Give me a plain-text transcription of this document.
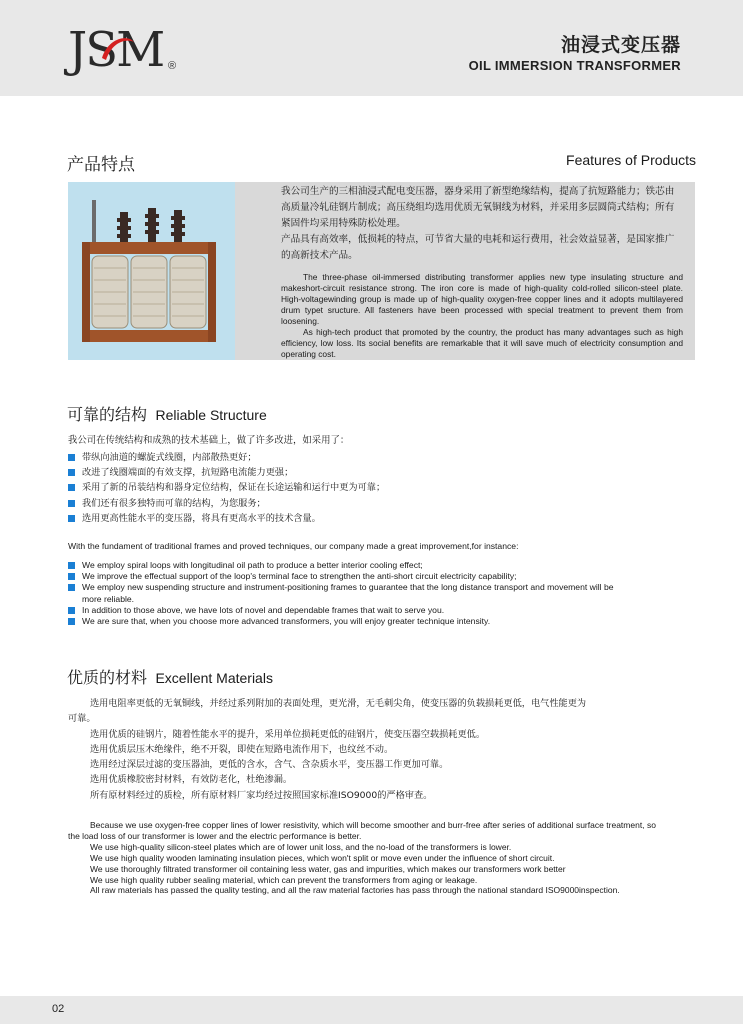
JSM ®
油浸式变压器
OIL IMMERSION TRANSFORMER
产品特点	Features of Products

我公司生产的三相油浸式配电变压器，器身采用了新型绝缘结构，提高了抗短路能力；铁芯由高质量冷轧硅钢片制成；高压绕组均选用优质无氧铜线为材料，并采用多层圆筒式结构；所有紧固件均采用特殊防松处理。

产品具有高效率，低损耗的特点，可节省大量的电耗和运行费用，社会效益显著，是国家推广的高新技术产品。

The three-phase oil-immersed distributing transformer applies new type insulating structure and makeshort-circuit resistance strong. The iron core is made of high-quality cold-rolled silicon-steel plate. High-voltagewinding group is made up of high-quality oxygen-free copper lines and it adopts multilayered drum typet sructure. All fasteners have been processed with special treatment to prevent them from loosening.

As high-tech product that promoted by the country, the product has many advantages such as high efficiency, low loss. Its social benefits are remarkable that it will save much of electricity consumption and operating cost.

可靠的结构 Reliable Structure
我公司在传统结构和成熟的技术基础上，做了许多改进，如采用了：
带纵向油道的螺旋式线圈，内部散热更好；
改进了线圈端面的有效支撑，抗短路电流能力更强；
采用了新的吊装结构和器身定位结构，保证在长途运输和运行中更为可靠；
我们还有很多独特而可靠的结构，为您服务；
选用更高性能水平的变压器，将具有更高水平的技术含量。
With the fundament of traditional frames and proved techniques, our company made a great improvement,for instance:
We employ spiral loops with longitudinal oil path to produce a better interior cooling effect;
We improve the effectual support of the loop's terminal face to strengthen the anti-short circuit electricity capability;
We employ new suspending structure and instrument-positioning frames to guarantee that the long distance transport and movement will be more reliable.
In addition to those above, we have lots of novel and dependable frames that wait to serve you.
We are sure that, when you choose more advanced transformers, you will enjoy greater technique intensity.
优质的材料 Excellent Materials

选用电阻率更低的无氧铜线，并经过系列附加的表面处理，更光滑，无毛刺尖角，使变压器的负载损耗更低，电气性能更为

可靠。

选用优质的硅钢片，随着性能水平的提升，采用单位损耗更低的硅钢片，使变压器空载损耗更低。

选用优质层压木绝缘件，绝不开裂，即使在短路电流作用下，也纹丝不动。

选用经过深层过滤的变压器油，更低的含水，含气、含杂质水平，变压器工作更加可靠。

选用优质橡胶密封材料，有效防老化，杜绝渗漏。

所有原材料经过的质检，所有原材料厂家均经过按照国家标准ISO9000的严格审查。

Because we use oxygen-free copper lines of lower resistivity, which will become smoother and burr-free after series of additional surface treatment, so the load loss of our transformer is lower and the electric performance is better.

We use high-quality silicon-steel plates which are of lower unit loss, and the no-load of the transformers is lower.

We use high quality wooden laminating insulation pieces, which won't split or move even under the influence of short circuit.

We use thoroughly filtrated transformer oil containing less water, gas and impurities, which makes our transformers work better

We use high quality rubber sealing material, which can prevent the transformers from aging or leakage.

All raw materials has passed the quality testing, and all the raw material factories has pass through the national standard ISO9000inspection.

02
